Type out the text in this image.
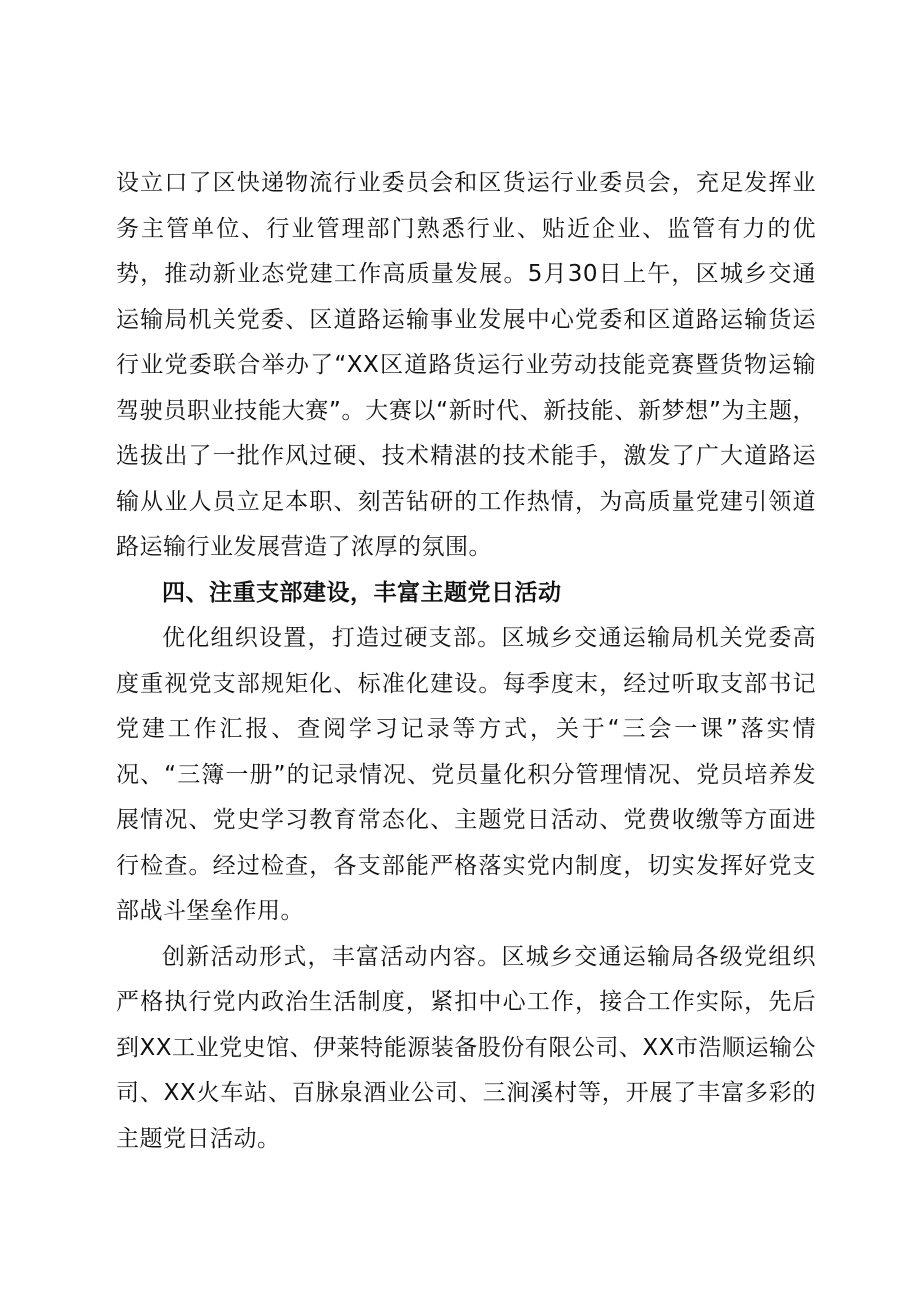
设立口了区快递物流行业委员会和区货运行业委员会，充足发挥业务主管单位、行业管理部门熟悉行业、贴近企业、监管有力的优势，推动新业态党建工作高质量发展。5月30日上午，区城乡交通运输局机关党委、区道路运输事业发展中心党委和区道路运输货运行业党委联合举办了“XX区道路货运行业劳动技能竞赛暨货物运输驾驶员职业技能大赛”。大赛以“新时代、新技能、新梦想”为主题，选拔出了一批作风过硬、技术精湛的技术能手，激发了广大道路运输从业人员立足本职、刻苦钻研的工作热情，为高质量党建引领道路运输行业发展营造了浓厚的氛围。

四、注重支部建设，丰富主题党日活动

优化组织设置，打造过硬支部。区城乡交通运输局机关党委高度重视党支部规矩化、标准化建设。每季度末，经过听取支部书记党建工作汇报、查阅学习记录等方式，关于“三会一课”落实情况、“三簿一册”的记录情况、党员量化积分管理情况、党员培养发展情况、党史学习教育常态化、主题党日活动、党费收缴等方面进行检查。经过检查，各支部能严格落实党内制度，切实发挥好党支部战斗堡垒作用。

创新活动形式，丰富活动内容。区城乡交通运输局各级党组织严格执行党内政治生活制度，紧扣中心工作，接合工作实际，先后到XX工业党史馆、伊莱特能源装备股份有限公司、XX市浩顺运输公司、XX火车站、百脉泉酒业公司、三涧溪村等，开展了丰富多彩的主题党日活动。
